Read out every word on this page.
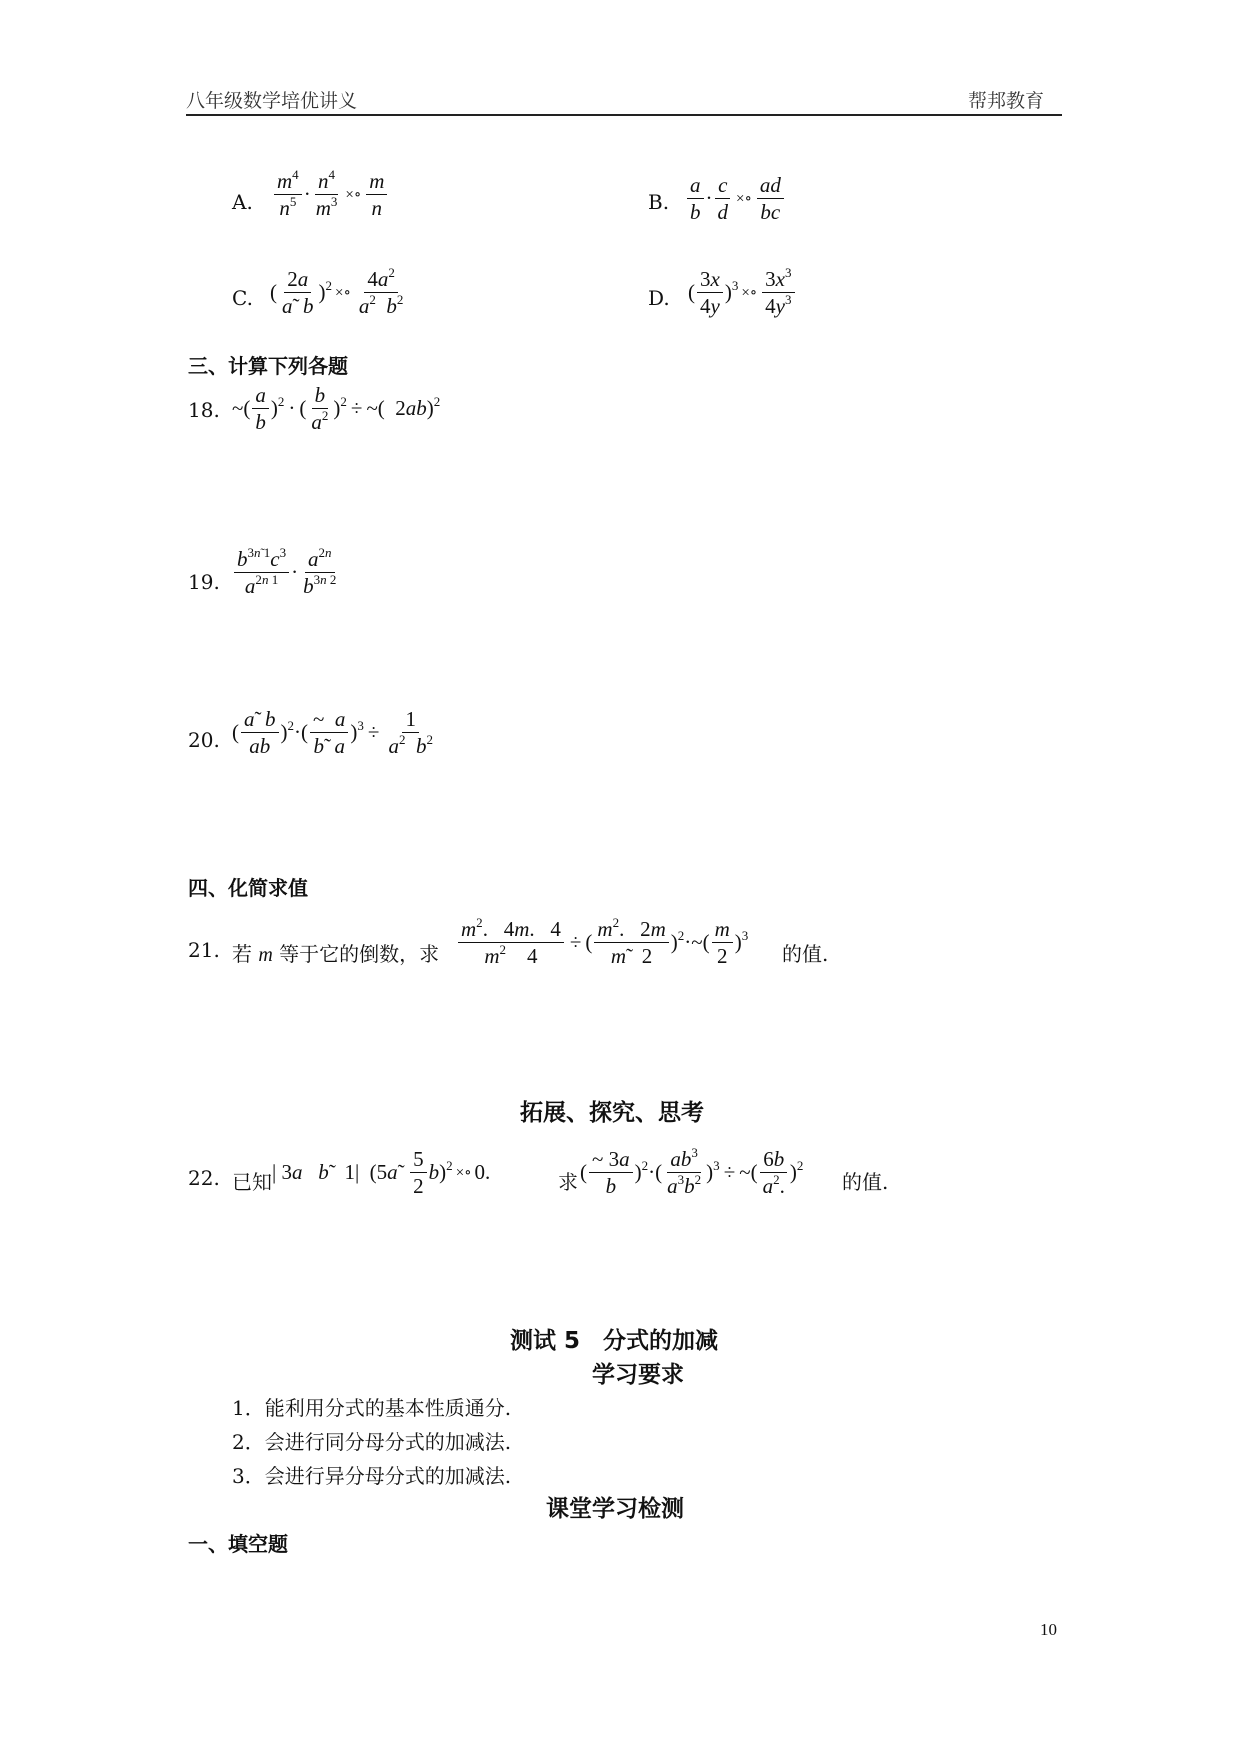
八年级数学培优讲义	帮邦教育
A. $\frac{m^4}{n^5} \cdot \frac{n^4}{m^3}$ ×∘ $\frac{m}{n}$	B. $\frac{a}{b} \cdot \frac{c}{d}$ ×∘ $\frac{ad}{bc}$
C. ( $\frac{2a}{ã b} )^2$ ×∘ $\frac{4a^2}{a^2 b^2}$	D. ( $\frac{3x}{4y} )^3$ ×∘ $\frac{3x^3}{4y^3}$
三、计算下列各题
18. ~( $\frac{a}{b} )^2$ · ( $\frac{b}{a^2} )^2$ ÷ ~(  2ab)$^2$
19. $\frac{b^{3ñ 1}c^3}{a^{2n 1}} \cdot \frac{a^{2n}}{b^{3n 2}}$
20. ( $\frac{ã b}{ab} )^2$ ·( $\frac{\sim a}{b̃ a} )^3 \div \frac{1}{a^2 b^2}$
四、化简求值
21. 若 m 等于它的倒数，求 $\frac{m^2. 4m. 4}{m^2 4}$ ÷ ( $\frac{m^2. 2m}{m̃ 2} )^2$ ·~( $\frac{m}{2} )^3$
的值.
拓展、探究、思考
22. 已知 | 3a b̃   1|  (5ã $\frac{5}{2} b)^2$ ×∘ 0.	求 ( $\frac{\sim 3a}{b} )^2$ ·( $\frac{ab^3}{a^3b^2} )^3$ ÷ ~( $\frac{6b}{a^2.} )^2$
的值.
测试 5　分式的加减
学习要求
1．能利用分式的基本性质通分.
2．会进行同分母分式的加减法.
3．会进行异分母分式的加减法.
课堂学习检测
一、填空题
10
